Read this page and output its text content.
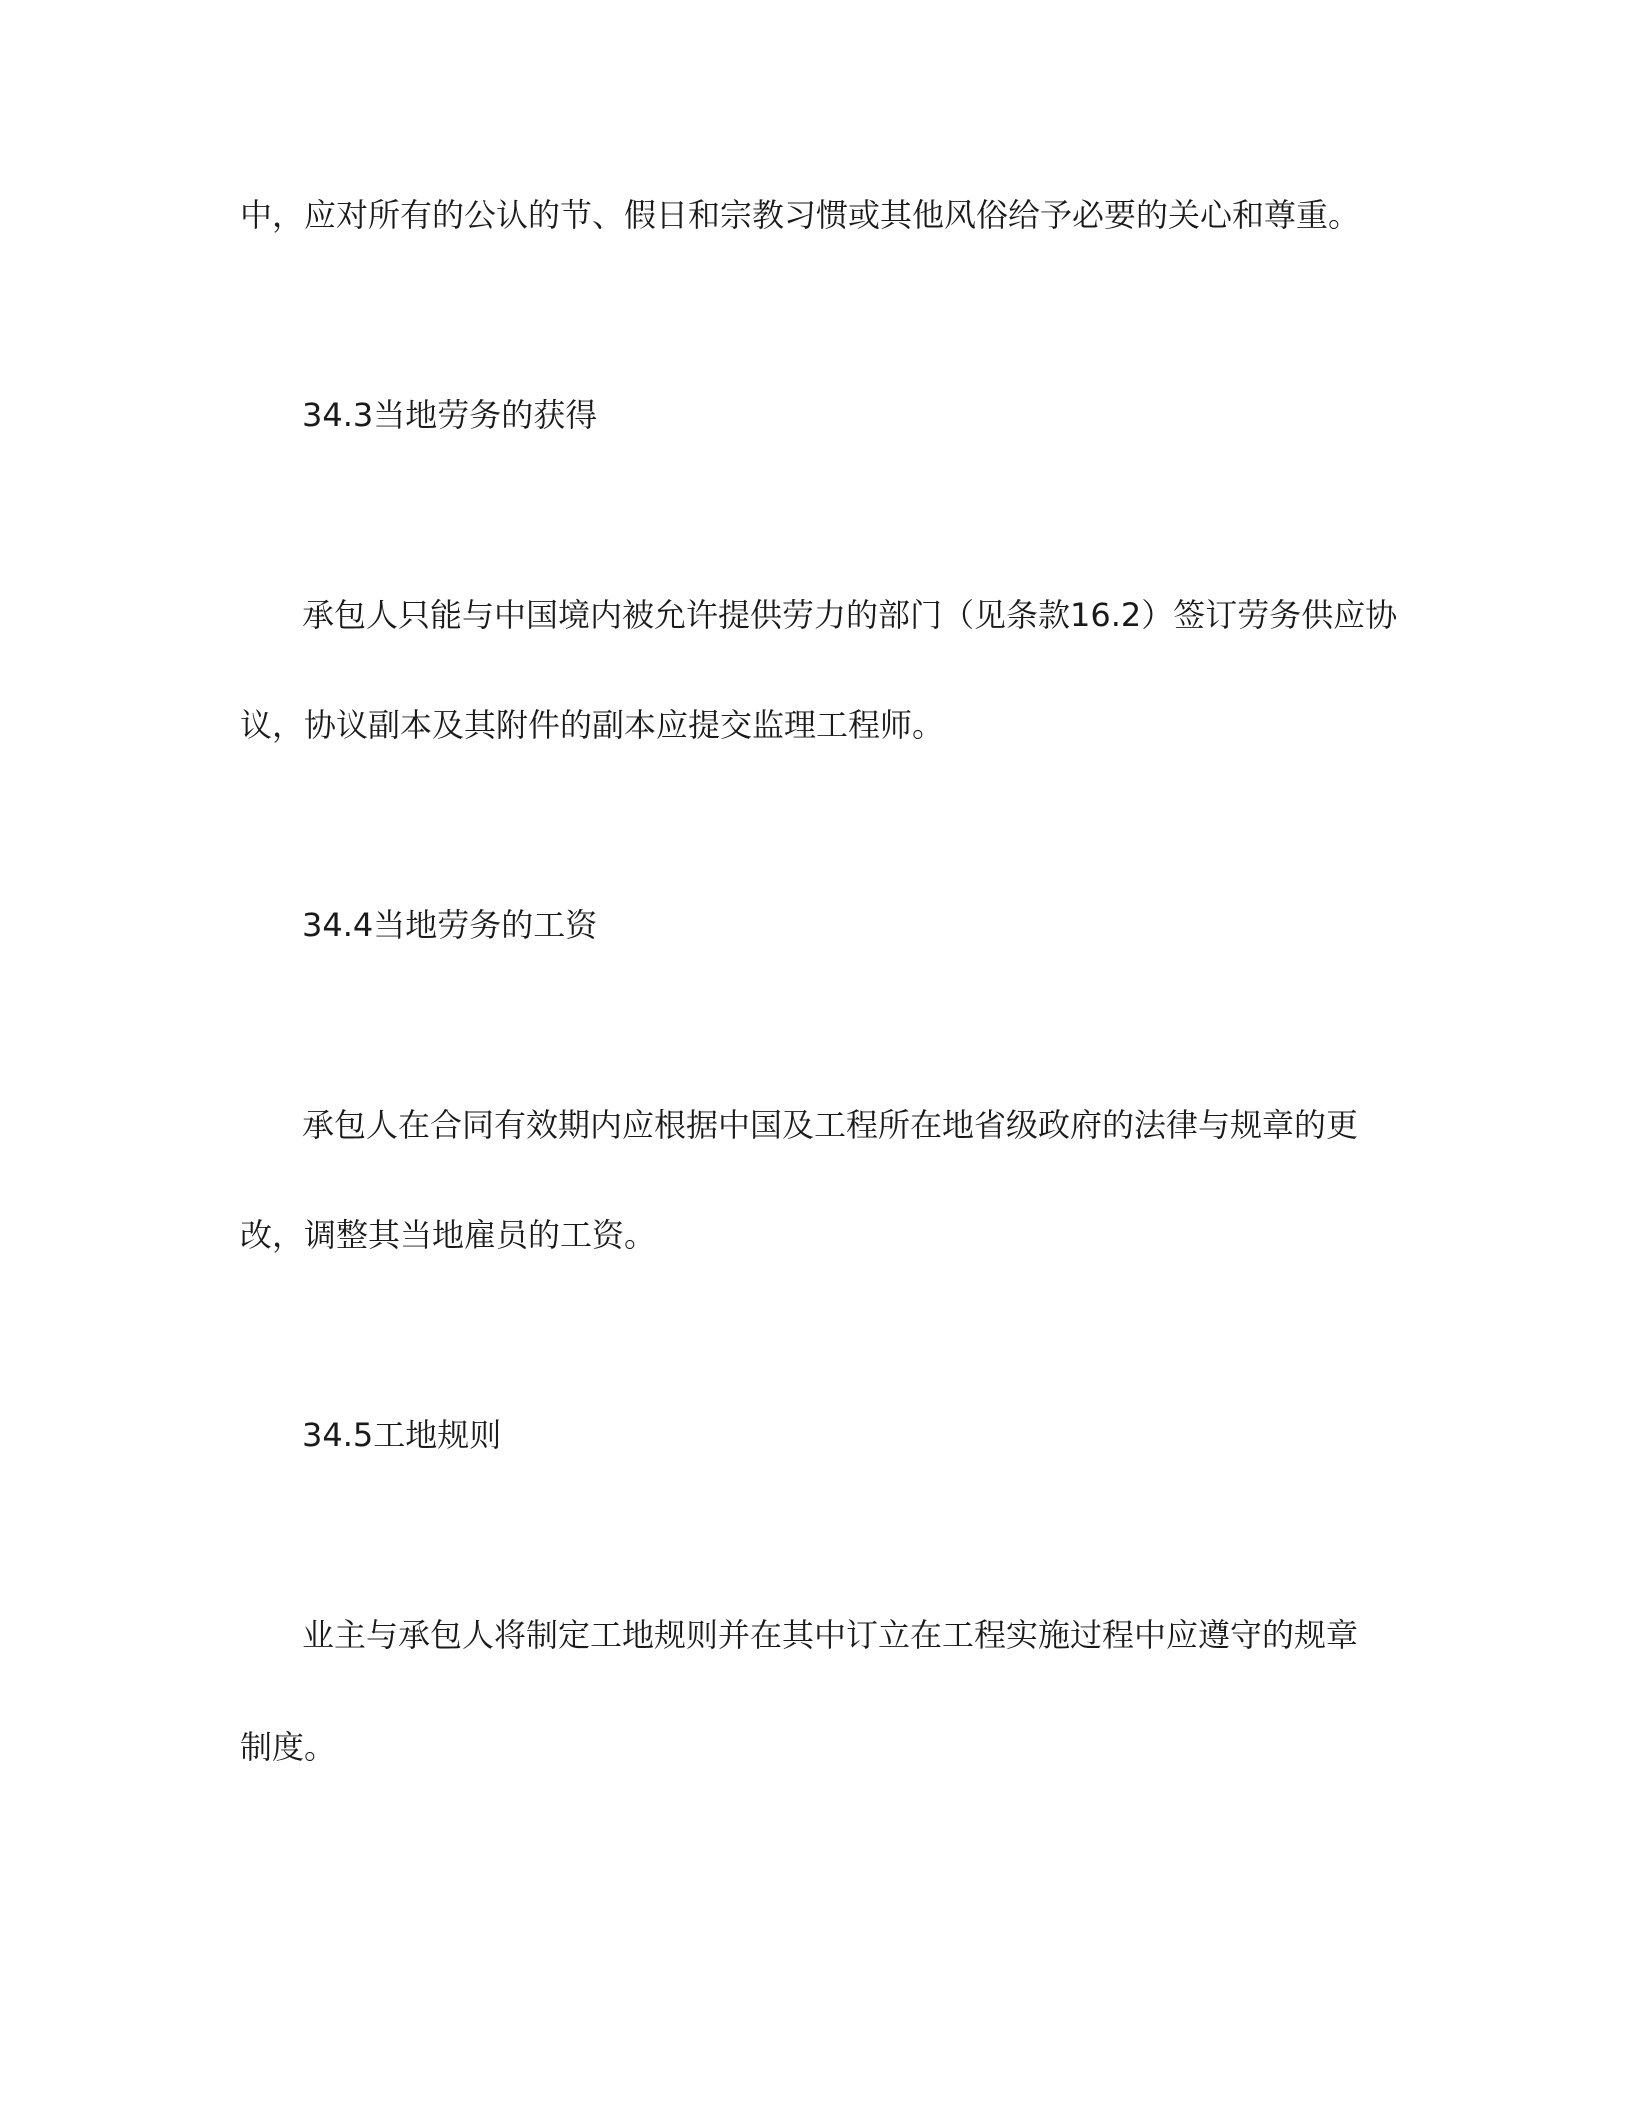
中，应对所有的公认的节、假日和宗教习惯或其他风俗给予必要的关心和尊重。
34.3当地劳务的获得
承包人只能与中国境内被允许提供劳力的部门（见条款16.2）签订劳务供应协
议，协议副本及其附件的副本应提交监理工程师。
34.4当地劳务的工资
承包人在合同有效期内应根据中国及工程所在地省级政府的法律与规章的更
改，调整其当地雇员的工资。
34.5工地规则
业主与承包人将制定工地规则并在其中订立在工程实施过程中应遵守的规章
制度。
